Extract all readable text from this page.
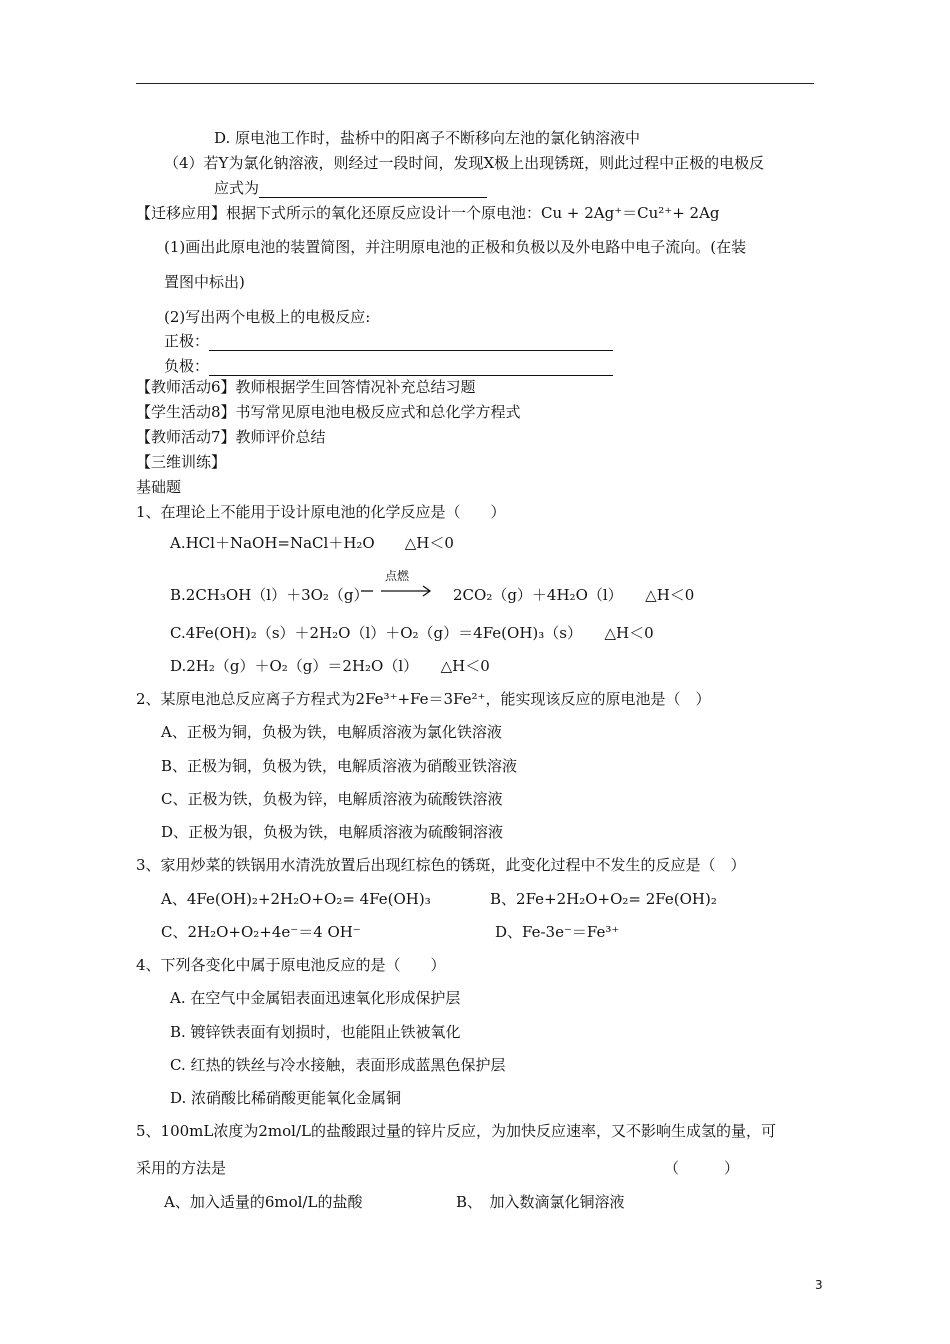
D. 原电池工作时，盐桥中的阳离子不断移向左池的氯化钠溶液中
（4）若Y为氯化钠溶液，则经过一段时间，发现X极上出现锈斑，则此过程中正极的电极反
应式为
【迁移应用】根据下式所示的氧化还原反应设计一个原电池：Cu + 2Ag⁺＝Cu²⁺+ 2Ag
(1)画出此原电池的装置简图，并注明原电池的正极和负极以及外电路中电子流向。(在装
置图中标出)
(2)写出两个电极上的电极反应:
正极：
负极：
【教师活动6】教师根据学生回答情况补充总结习题
【学生活动8】书写常见原电池电极反应式和总化学方程式
【教师活动7】教师评价总结
【三维训练】
基础题
1、在理论上不能用于设计原电池的化学反应是（　　）
A.HCl＋NaOH=NaCl＋H₂O　　△H＜0
B.2CH₃OH（l）＋3O₂（g）
点燃
2CO₂（g）＋4H₂O（l）　　△H＜0
C.4Fe(OH)₂（s）＋2H₂O（l）＋O₂（g）＝4Fe(OH)₃（s）　　△H＜0
D.2H₂（g）＋O₂（g）＝2H₂O（l）　　△H＜0
2、某原电池总反应离子方程式为2Fe³⁺+Fe＝3Fe²⁺，能实现该反应的原电池是（　）
A、正极为铜，负极为铁，电解质溶液为氯化铁溶液
B、正极为铜，负极为铁，电解质溶液为硝酸亚铁溶液
C、正极为铁，负极为锌，电解质溶液为硫酸铁溶液
D、正极为银，负极为铁，电解质溶液为硫酸铜溶液
3、家用炒菜的铁锅用水清洗放置后出现红棕色的锈斑，此变化过程中不发生的反应是（　）
A、4Fe(OH)₂+2H₂O+O₂= 4Fe(OH)₃	B、2Fe+2H₂O+O₂= 2Fe(OH)₂
C、2H₂O+O₂+4e⁻＝4 OH⁻	D、Fe-3e⁻＝Fe³⁺
4、下列各变化中属于原电池反应的是（　　）
A. 在空气中金属铝表面迅速氧化形成保护层
B. 镀锌铁表面有划损时，也能阻止铁被氧化
C. 红热的铁丝与冷水接触，表面形成蓝黑色保护层
D. 浓硝酸比稀硝酸更能氧化金属铜
5、100mL浓度为2mol/L的盐酸跟过量的锌片反应，为加快反应速率，又不影响生成氢的量，可
采用的方法是	（　　　）
A、加入适量的6mol/L的盐酸	B、　加入数滴氯化铜溶液
3
